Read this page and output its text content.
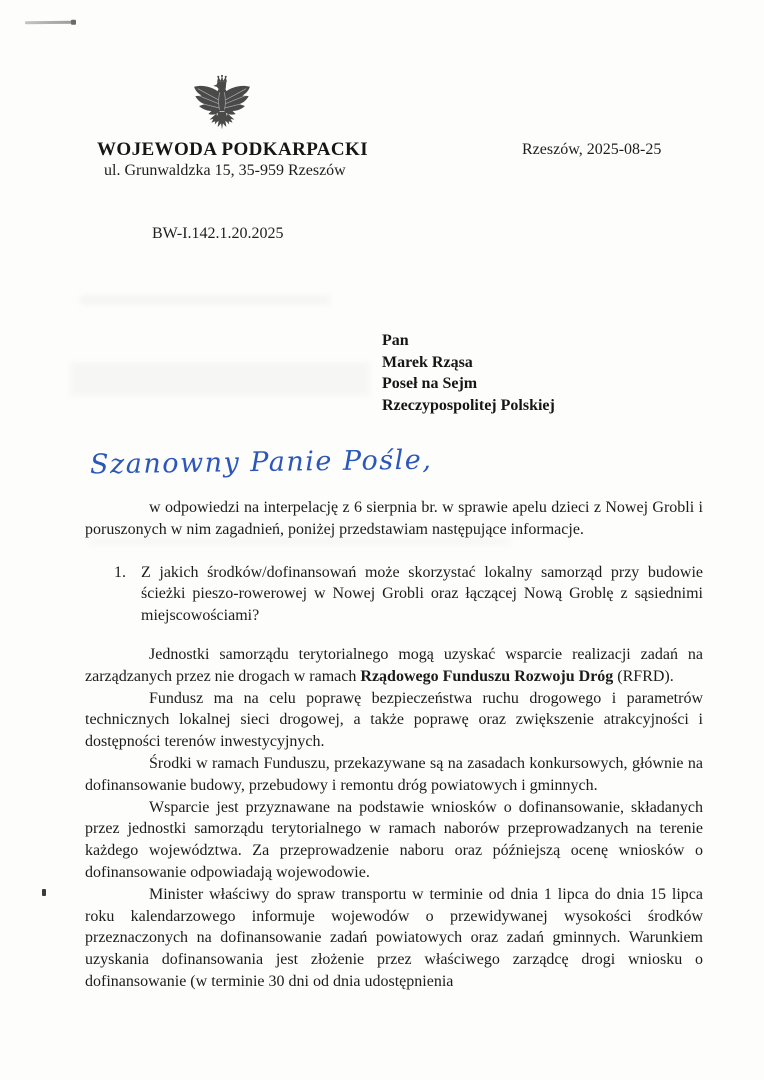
WOJEWODA PODKARPACKI
ul. Grunwaldzka 15, 35-959 Rzeszów
Rzeszów, 2025-08-25
BW-I.142.1.20.2025
Pan
Marek Rząsa
Poseł na Sejm
Rzeczypospolitej Polskiej
Szanowny Panie Pośle,

w odpowiedzi na interpelację z 6 sierpnia br. w sprawie apelu dzieci z Nowej Grobli i poruszonych w nim zagadnień, poniżej przedstawiam następujące informacje.

1. Z jakich środków/dofinansowań może skorzystać lokalny samorząd przy budowie ścieżki pieszo-rowerowej w Nowej Grobli oraz łączącej Nową Groblę z sąsiednimi miejscowościami?

Jednostki samorządu terytorialnego mogą uzyskać wsparcie realizacji zadań na zarządzanych przez nie drogach w ramach Rządowego Funduszu Rozwoju Dróg (RFRD).

Fundusz ma na celu poprawę bezpieczeństwa ruchu drogowego i parametrów technicznych lokalnej sieci drogowej, a także poprawę oraz zwiększenie atrakcyjności i dostępności terenów inwestycyjnych.

Środki w ramach Funduszu, przekazywane są na zasadach konkursowych, głównie na dofinansowanie budowy, przebudowy i remontu dróg powiatowych i gminnych.

Wsparcie jest przyznawane na podstawie wniosków o dofinansowanie, składanych przez jednostki samorządu terytorialnego w ramach naborów przeprowadzanych na terenie każdego województwa. Za przeprowadzenie naboru oraz późniejszą ocenę wniosków o dofinansowanie odpowiadają wojewodowie.

Minister właściwy do spraw transportu w terminie od dnia 1 lipca do dnia 15 lipca roku kalendarzowego informuje wojewodów o przewidywanej wysokości środków przeznaczonych na dofinansowanie zadań powiatowych oraz zadań gminnych. Warunkiem uzyskania dofinansowania jest złożenie przez właściwego zarządcę drogi wniosku o dofinansowanie (w terminie 30 dni od dnia udostępnienia
